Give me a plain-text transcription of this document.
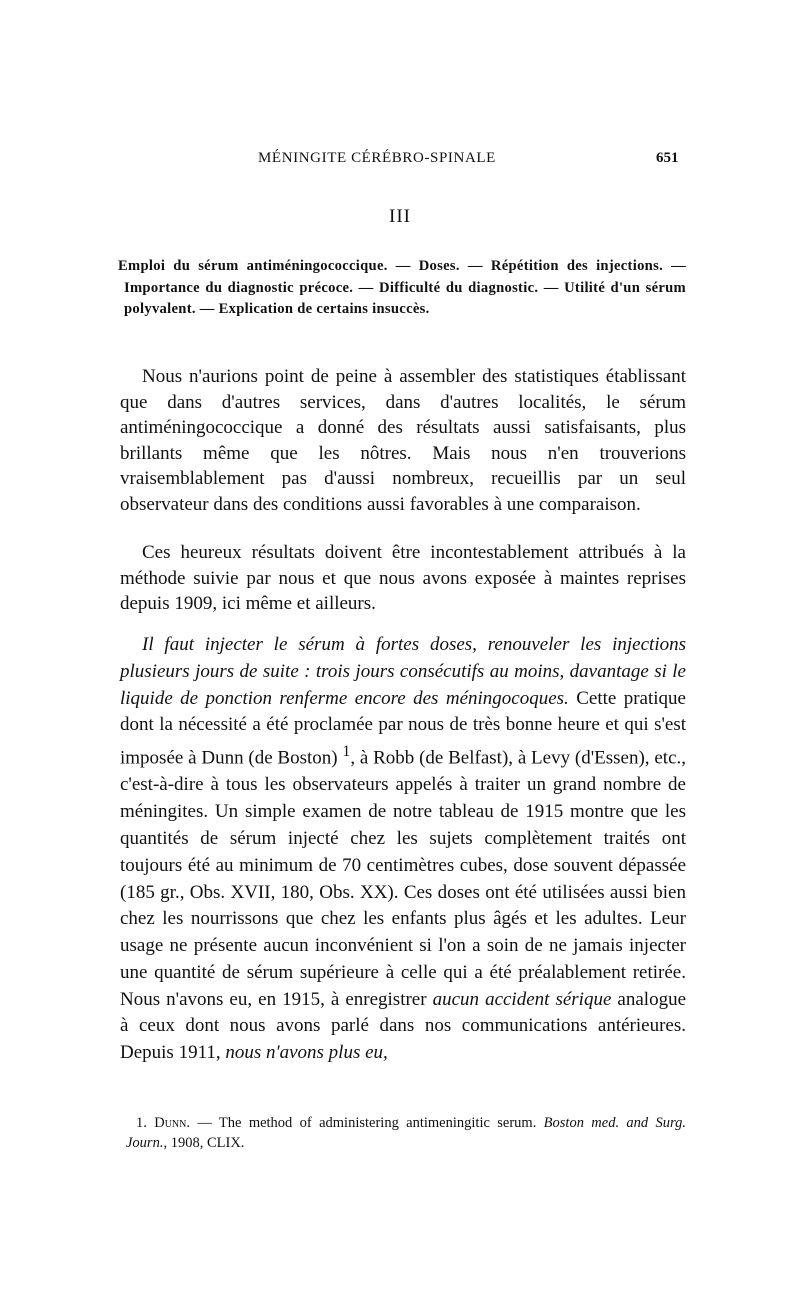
MÉNINGITE CÉRÉBRO-SPINALE	651
III
Emploi du sérum antiméningococcique. — Doses. — Répétition des injections. — Importance du diagnostic précoce. — Difficulté du diagnostic. — Utilité d'un sérum polyvalent. — Explication de certains insuccès.

Nous n'aurions point de peine à assembler des statistiques établissant que dans d'autres services, dans d'autres localités, le sérum antiméningococcique a donné des résultats aussi satisfaisants, plus brillants même que les nôtres. Mais nous n'en trouverions vraisemblablement pas d'aussi nombreux, recueillis par un seul observateur dans des conditions aussi favorables à une comparaison.

Ces heureux résultats doivent être incontestablement attribués à la méthode suivie par nous et que nous avons exposée à maintes reprises depuis 1909, ici même et ailleurs.

Il faut injecter le sérum à fortes doses, renouveler les injections plusieurs jours de suite : trois jours consécutifs au moins, davantage si le liquide de ponction renferme encore des méningocoques. Cette pratique dont la nécessité a été proclamée par nous de très bonne heure et qui s'est imposée à Dunn (de Boston) $^1$, à Robb (de Belfast), à Levy (d'Essen), etc., c'est-à-dire à tous les observateurs appelés à traiter un grand nombre de méningites. Un simple examen de notre tableau de 1915 montre que les quantités de sérum injecté chez les sujets complètement traités ont toujours été au minimum de 70 centimètres cubes, dose souvent dépassée (185 gr., Obs. XVII, 180, Obs. XX). Ces doses ont été utilisées aussi bien chez les nourrissons que chez les enfants plus âgés et les adultes. Leur usage ne présente aucun inconvénient si l'on a soin de ne jamais injecter une quantité de sérum supérieure à celle qui a été préalablement retirée. Nous n'avons eu, en 1915, à enregistrer aucun accident sérique analogue à ceux dont nous avons parlé dans nos communications antérieures. Depuis 1911, nous n'avons plus eu,

1. Dunn. — The method of administering antimeningitic serum. Boston med. and Surg. Journ., 1908, CLIX.
